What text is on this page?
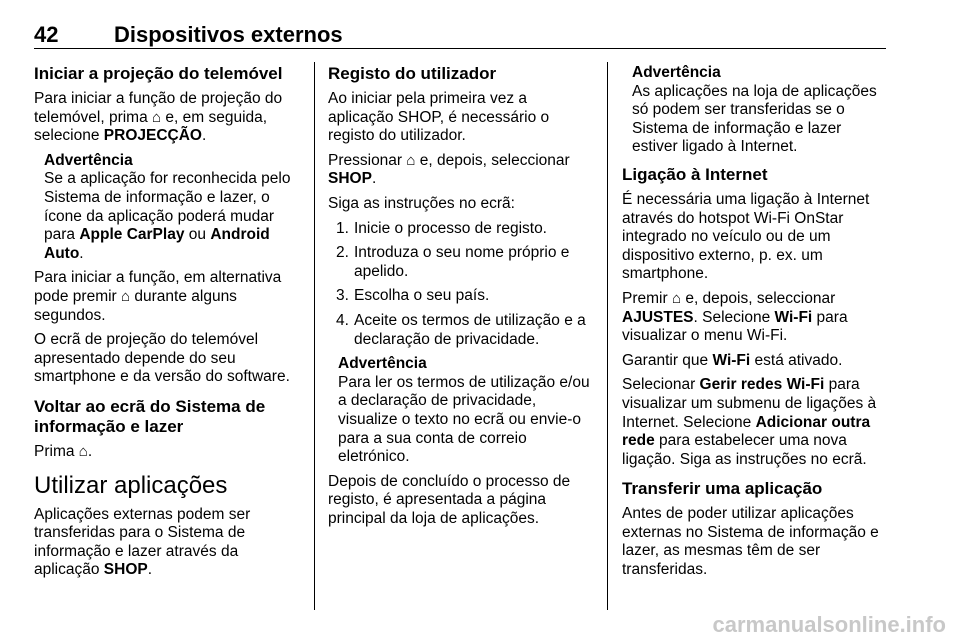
42	Dispositivos externos
Iniciar a projeção do telemóvel

Para iniciar a função de projeção do telemóvel, prima ⌂ e, em seguida, selecione PROJECÇÃO.

Advertência
Se a aplicação for reconhecida pelo Sistema de informação e lazer, o ícone da aplicação poderá mudar para Apple CarPlay ou Android Auto.

Para iniciar a função, em alternativa pode premir ⌂ durante alguns segundos.

O ecrã de projeção do telemóvel apresentado depende do seu smartphone e da versão do software.

Voltar ao ecrã do Sistema de informação e lazer

Prima ⌂.

Utilizar aplicações

Aplicações externas podem ser transferidas para o Sistema de informação e lazer através da aplicação SHOP.

Registo do utilizador

Ao iniciar pela primeira vez a aplicação SHOP, é necessário o registo do utilizador.

Pressionar ⌂ e, depois, seleccionar SHOP.

Siga as instruções no ecrã:

1. Inicie o processo de registo.
2. Introduza o seu nome próprio e apelido.
3. Escolha o seu país.
4. Aceite os termos de utilização e a declaração de privacidade.
Advertência
Para ler os termos de utilização e/ou a declaração de privacidade, visualize o texto no ecrã ou envie-o para a sua conta de correio eletrónico.

Depois de concluído o processo de registo, é apresentada a página principal da loja de aplicações.

Advertência
As aplicações na loja de aplicações só podem ser transferidas se o Sistema de informação e lazer estiver ligado à Internet.
Ligação à Internet

É necessária uma ligação à Internet através do hotspot Wi-Fi OnStar integrado no veículo ou de um dispositivo externo, p. ex. um smartphone.

Premir ⌂ e, depois, seleccionar AJUSTES. Selecione Wi-Fi para visualizar o menu Wi-Fi.

Garantir que Wi-Fi está ativado.

Selecionar Gerir redes Wi-Fi para visualizar um submenu de ligações à Internet. Selecione Adicionar outra rede para estabelecer uma nova ligação. Siga as instruções no ecrã.

Transferir uma aplicação

Antes de poder utilizar aplicações externas no Sistema de informação e lazer, as mesmas têm de ser transferidas.

carmanualsonline.info
